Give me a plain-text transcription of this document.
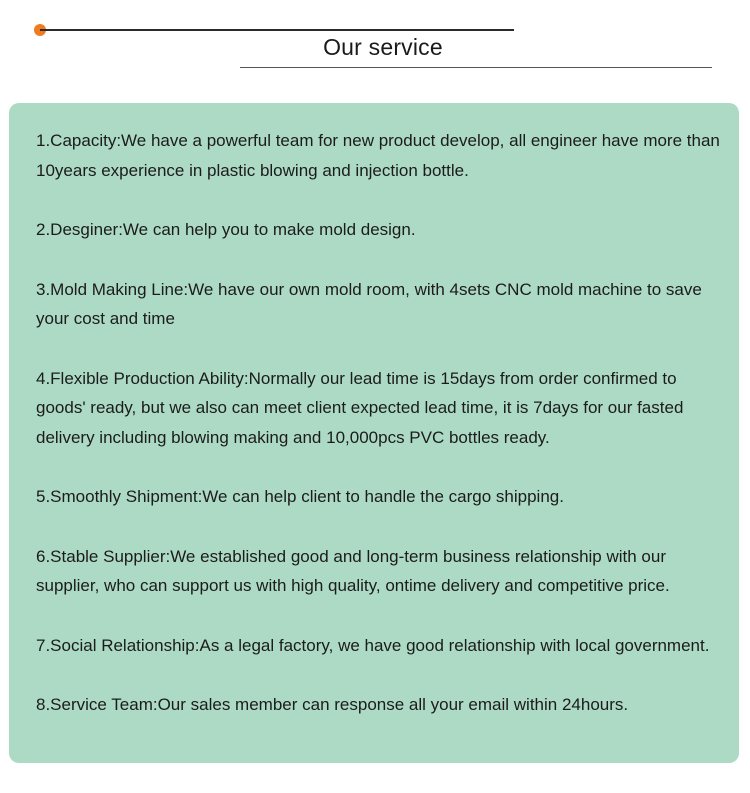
Our service

1.Capacity:We have a powerful team for new product develop, all engineer have more than 10years experience in plastic blowing and injection bottle.

2.Desginer:We can help you to make mold design.

3.Mold Making Line:We have our own mold room, with 4sets CNC mold machine to save your cost and time

4.Flexible Production Ability:Normally our lead time is 15days from order confirmed to goods' ready, but we also can meet client expected lead time, it is 7days for our fasted delivery including blowing making and 10,000pcs PVC bottles ready.

5.Smoothly Shipment:We can help client to handle the cargo shipping.

6.Stable Supplier:We established good and long-term business relationship with our supplier, who can support us with high quality, ontime delivery and competitive price.

7.Social Relationship:As a legal factory, we have good relationship with local government.

8.Service Team:Our sales member can response all your email within 24hours.
